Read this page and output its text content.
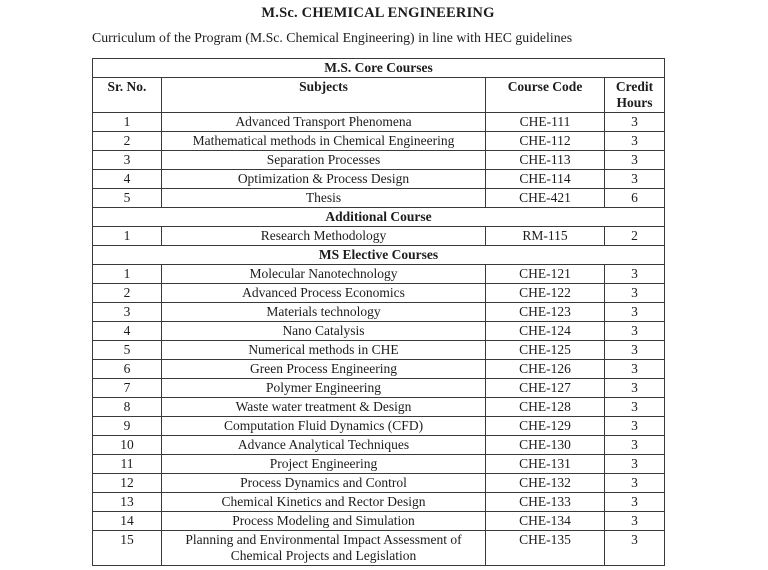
M.Sc. CHEMICAL ENGINEERING

Curriculum of the Program (M.Sc. Chemical Engineering) in line with HEC guidelines

M.S. Core Courses			
Sr. No.	Subjects	Course Code	Credit Hours
1	Advanced Transport Phenomena	CHE-111	3
2	Mathematical methods in Chemical Engineering	CHE-112	3
3	Separation Processes	CHE-113	3
4	Optimization & Process Design	CHE-114	3
5	Thesis	CHE-421	6
Additional Course			
1	Research Methodology	RM-115	2
MS Elective Courses			
1	Molecular Nanotechnology	CHE-121	3
2	Advanced Process Economics	CHE-122	3
3	Materials technology	CHE-123	3
4	Nano Catalysis	CHE-124	3
5	Numerical methods in CHE	CHE-125	3
6	Green Process Engineering	CHE-126	3
7	Polymer Engineering	CHE-127	3
8	Waste water treatment & Design	CHE-128	3
9	Computation Fluid Dynamics (CFD)	CHE-129	3
10	Advance Analytical Techniques	CHE-130	3
11	Project Engineering	CHE-131	3
12	Process Dynamics and Control	CHE-132	3
13	Chemical Kinetics and Rector Design	CHE-133	3
14	Process Modeling and Simulation	CHE-134	3
15	Planning and Environmental Impact Assessment of Chemical Projects and Legislation	CHE-135	3
